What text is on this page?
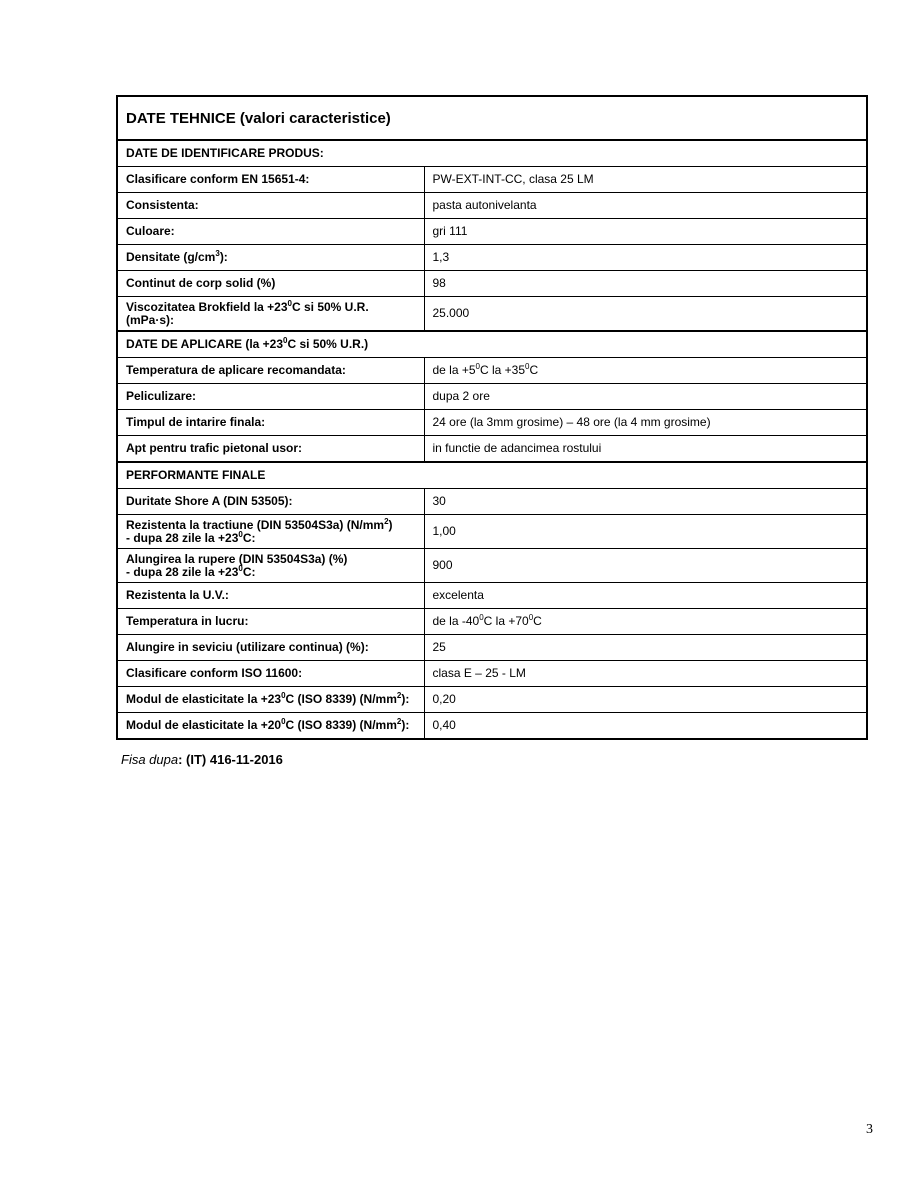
DATE TEHNICE (valori caracteristice)	
DATE DE IDENTIFICARE PRODUS:	
Clasificare conform EN 15651-4:	PW-EXT-INT-CC, clasa 25 LM
Consistenta:	pasta autonivelanta
Culoare:	gri 111
Densitate $(g/cm^3)$:	1,3
Continut de corp solid (%)	98
Viscozitatea Brokfield la $+23^0C$ si 50% U.R.
(mPa·s):	25.000
DATE DE APLICARE ($la +23^0C$ si 50% U.R.)	
Temperatura de aplicare recomandata:	de la $+5^0C$ la $+35^0C$
Peliculizare:	dupa 2 ore
Timpul de intarire finala:	24 ore (la 3mm grosime) – 48 ore (la 4 mm grosime)
Apt pentru trafic pietonal usor:	in functie de adancimea rostului
PERFORMANTE FINALE	
Duritate Shore A (DIN 53505):	30
Rezistenta la tractiune (DIN 53504S3a) $(N/mm^2)$
- dupa 28 zile la $+23^0C$:	1,00
Alungirea la rupere (DIN 53504S3a) (%)
- dupa 28 zile la $+23^0C$:	900
Rezistenta la U.V.:	excelenta
Temperatura in lucru:	de la $-40^0C$ la $+70^0C$
Alungire in seviciu (utilizare continua) (%):	25
Clasificare conform ISO 11600:	clasa E – 25 - LM
Modul de elasticitate la $+23^0C$ (ISO 8339) $(N/mm^2)$:	0,20
Modul de elasticitate la $+20^0C$ (ISO 8339) $(N/mm^2)$:	0,40
Fisa dupa: (IT) 416-11-2016
3
